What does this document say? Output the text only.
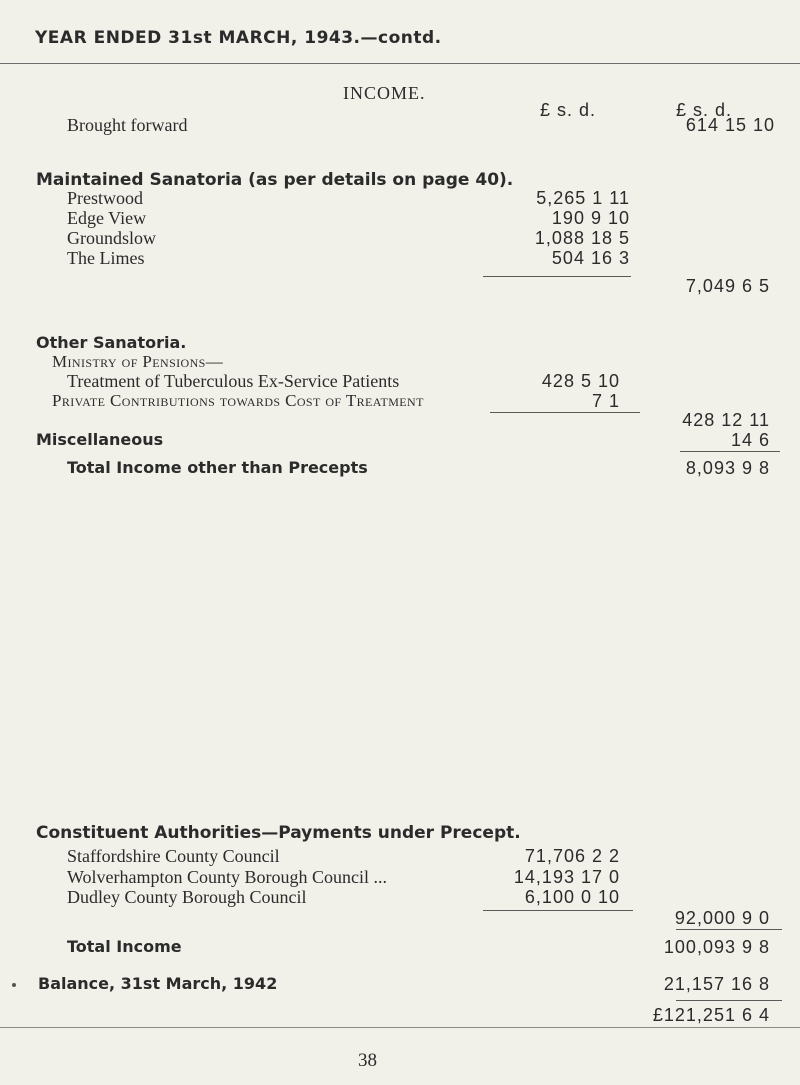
YEAR ENDED 31st MARCH, 1943.—contd.
INCOME.
£ s. d.	£ s. d.
Brought forward	614 15 10
Maintained Sanatoria (as per details on page 40).
Prestwood	5,265 1 11
Edge View	190 9 10
Groundslow	1,088 18 5
The Limes	504 16 3
7,049 6 5
Other Sanatoria.
Ministry of Pensions—
Treatment of Tuberculous Ex-Service Patients	428 5 10
Private Contributions towards Cost of Treatment	7 1
428 12 11
Miscellaneous	14 6
Total Income other than Precepts	8,093 9 8
Constituent Authorities—Payments under Precept.
Staffordshire County Council	71,706 2 2
Wolverhampton County Borough Council ...	14,193 17 0
Dudley County Borough Council	6,100 0 10
92,000 9 0
Total Income	100,093 9 8
Balance, 31st March, 1942	21,157 16 8
£121,251 6 4
38
